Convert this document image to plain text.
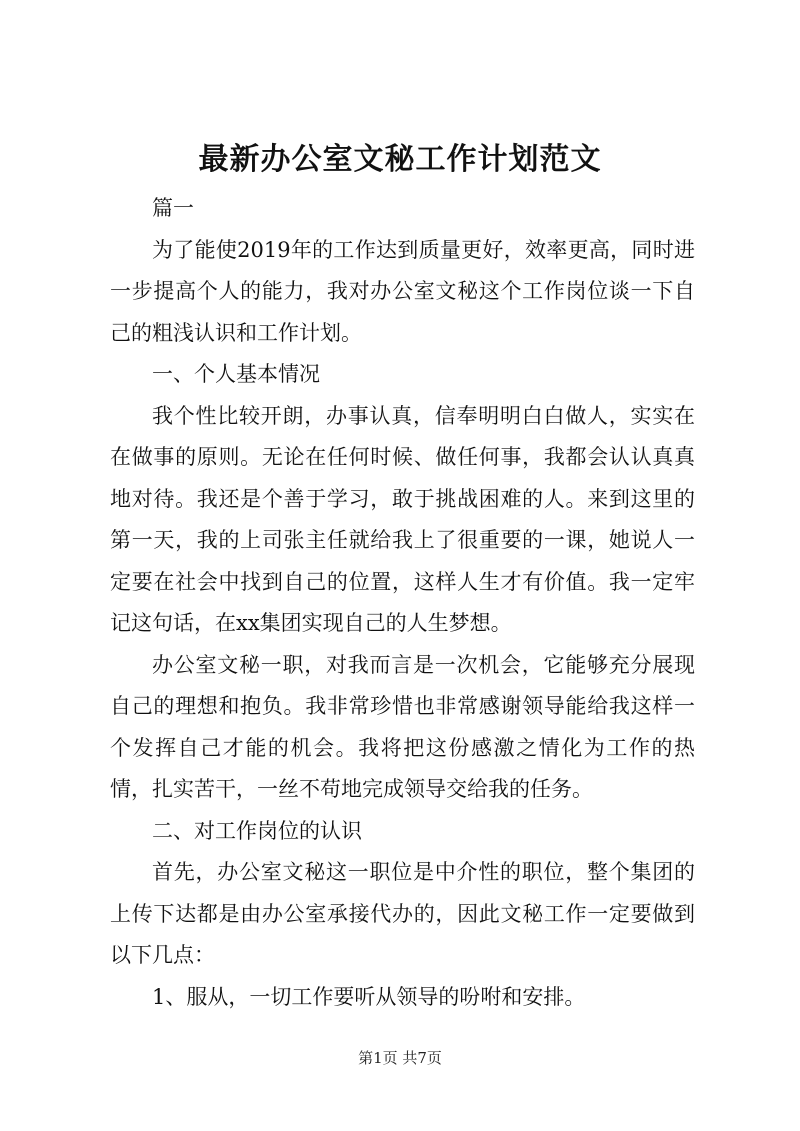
最新办公室文秘工作计划范文

篇一

为了能使2019年的工作达到质量更好，效率更高，同时进一步提高个人的能力，我对办公室文秘这个工作岗位谈一下自己的粗浅认识和工作计划。

一、个人基本情况

我个性比较开朗，办事认真，信奉明明白白做人，实实在在做事的原则。无论在任何时候、做任何事，我都会认认真真地对待。我还是个善于学习，敢于挑战困难的人。来到这里的第一天，我的上司张主任就给我上了很重要的一课，她说人一定要在社会中找到自己的位置，这样人生才有价值。我一定牢记这句话，在xx集团实现自己的人生梦想。

办公室文秘一职，对我而言是一次机会，它能够充分展现自己的理想和抱负。我非常珍惜也非常感谢领导能给我这样一个发挥自己才能的机会。我将把这份感激之情化为工作的热情，扎实苦干，一丝不苟地完成领导交给我的任务。

二、对工作岗位的认识

首先，办公室文秘这一职位是中介性的职位，整个集团的上传下达都是由办公室承接代办的，因此文秘工作一定要做到以下几点：

1、服从，一切工作要听从领导的吩咐和安排。

第1页 共7页
